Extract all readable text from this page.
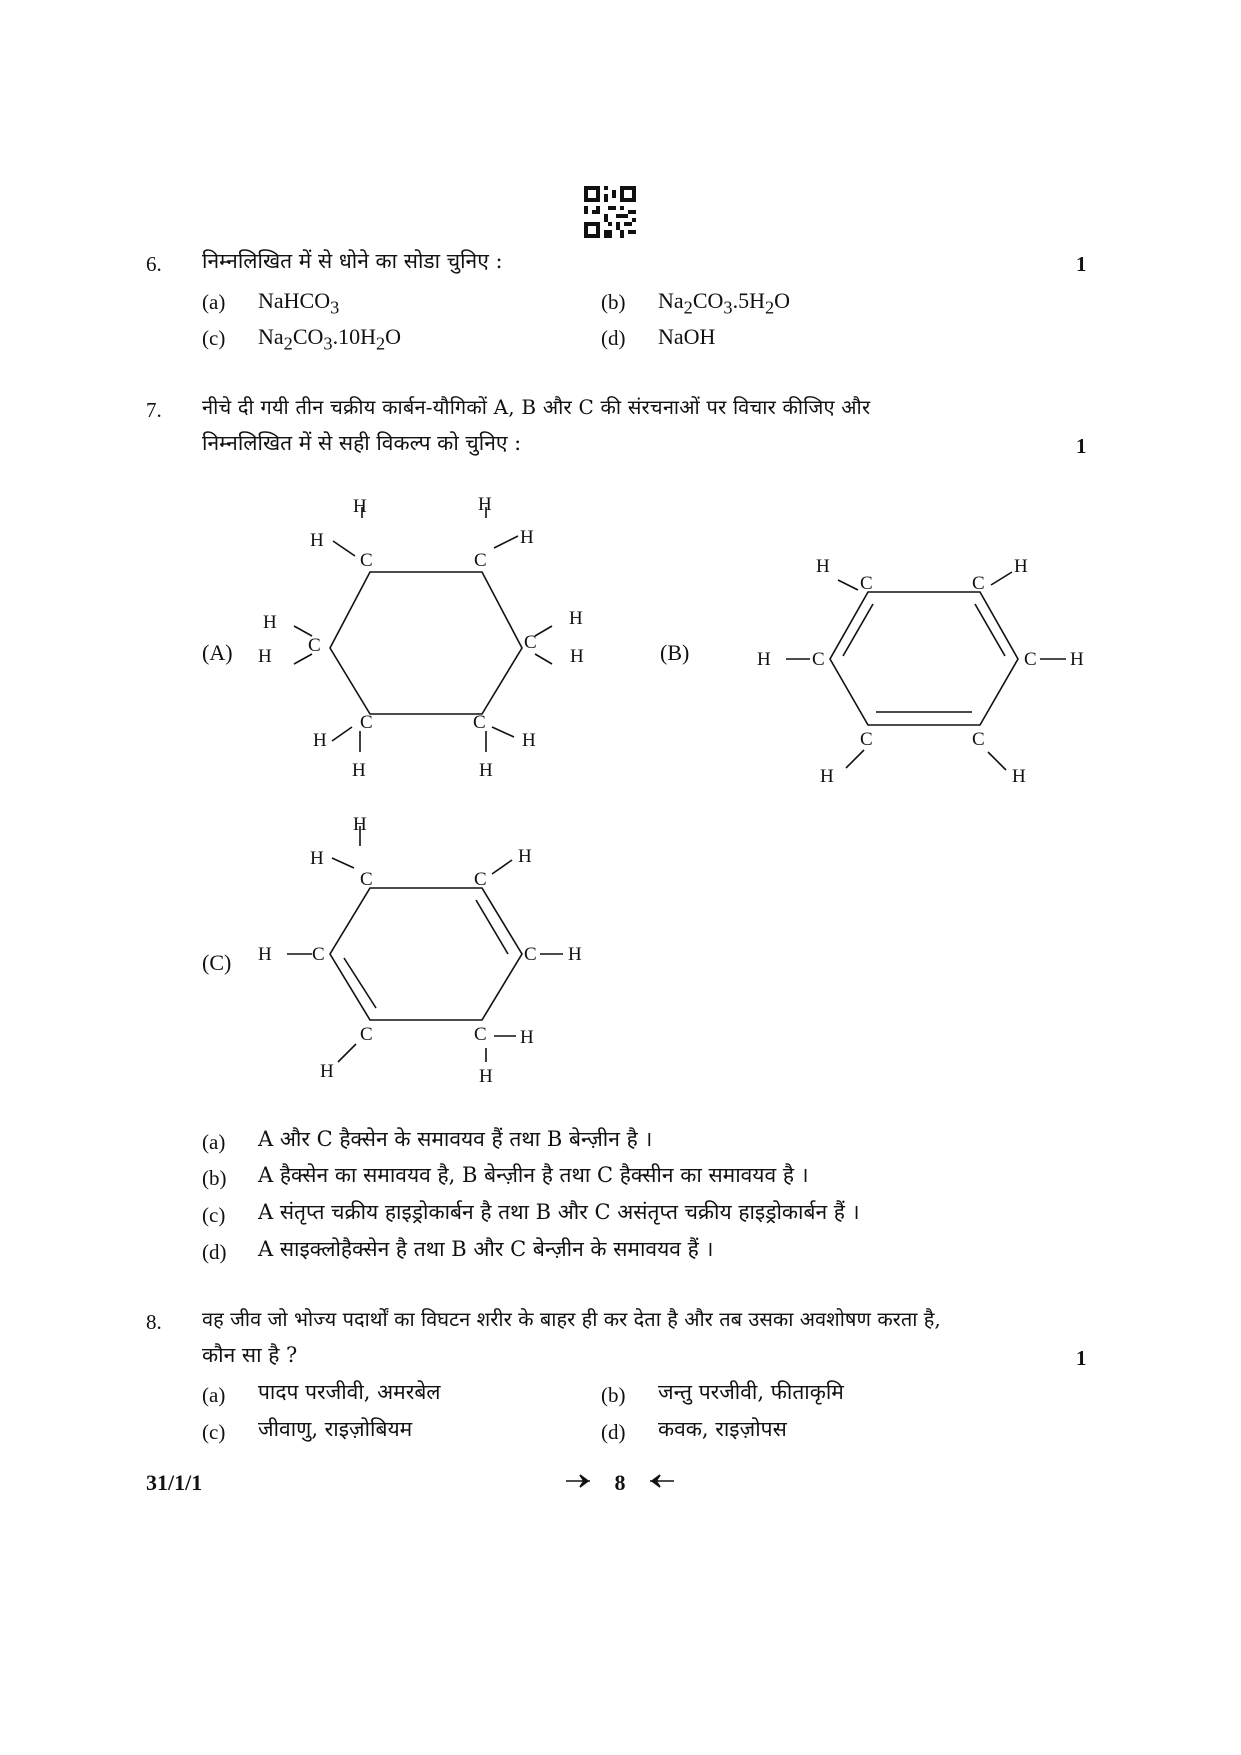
6. निम्नलिखित में से धोने का सोडा चुनिए :	1
(a) NaHCO$_3$	(b) $Na_2CO_3.5H_2O$
(c) $Na_2CO_3.10H_2O$	(d) NaOH
7. नीचे दी गयी तीन चक्रीय कार्बन-यौगिकों A, B और C की संरचनाओं पर विचार कीजिए और
निम्नलिखित में से सही विकल्प को चुनिए :	1
(A)	(B)
(C)
H
H
C
H
C
H
H
H
C	C
H
H
C
H
H
C
H
H
H
C	C
H
H C	C H
C
H
C
H
H
H
C	C
H
H C	C H
C
H
C H
H
(a) A और C हैक्सेन के समावयव हैं तथा B बेन्ज़ीन है ।
(b) A हैक्सेन का समावयव है, B बेन्ज़ीन है तथा C हैक्सीन का समावयव है ।
(c) A संतृप्त चक्रीय हाइड्रोकार्बन है तथा B और C असंतृप्त चक्रीय हाइड्रोकार्बन हैं ।
(d) A साइक्लोहैक्सेन है तथा B और C बेन्ज़ीन के समावयव हैं ।
8. वह जीव जो भोज्य पदार्थों का विघटन शरीर के बाहर ही कर देता है और तब उसका अवशोषण करता है,
कौन सा है ?	1
(a) पादप परजीवी, अमरबेल	(b) जन्तु परजीवी, फीताकृमि
(c) जीवाणु, राइज़ोबियम	(d) कवक, राइज़ोपस
31/1/1	8
